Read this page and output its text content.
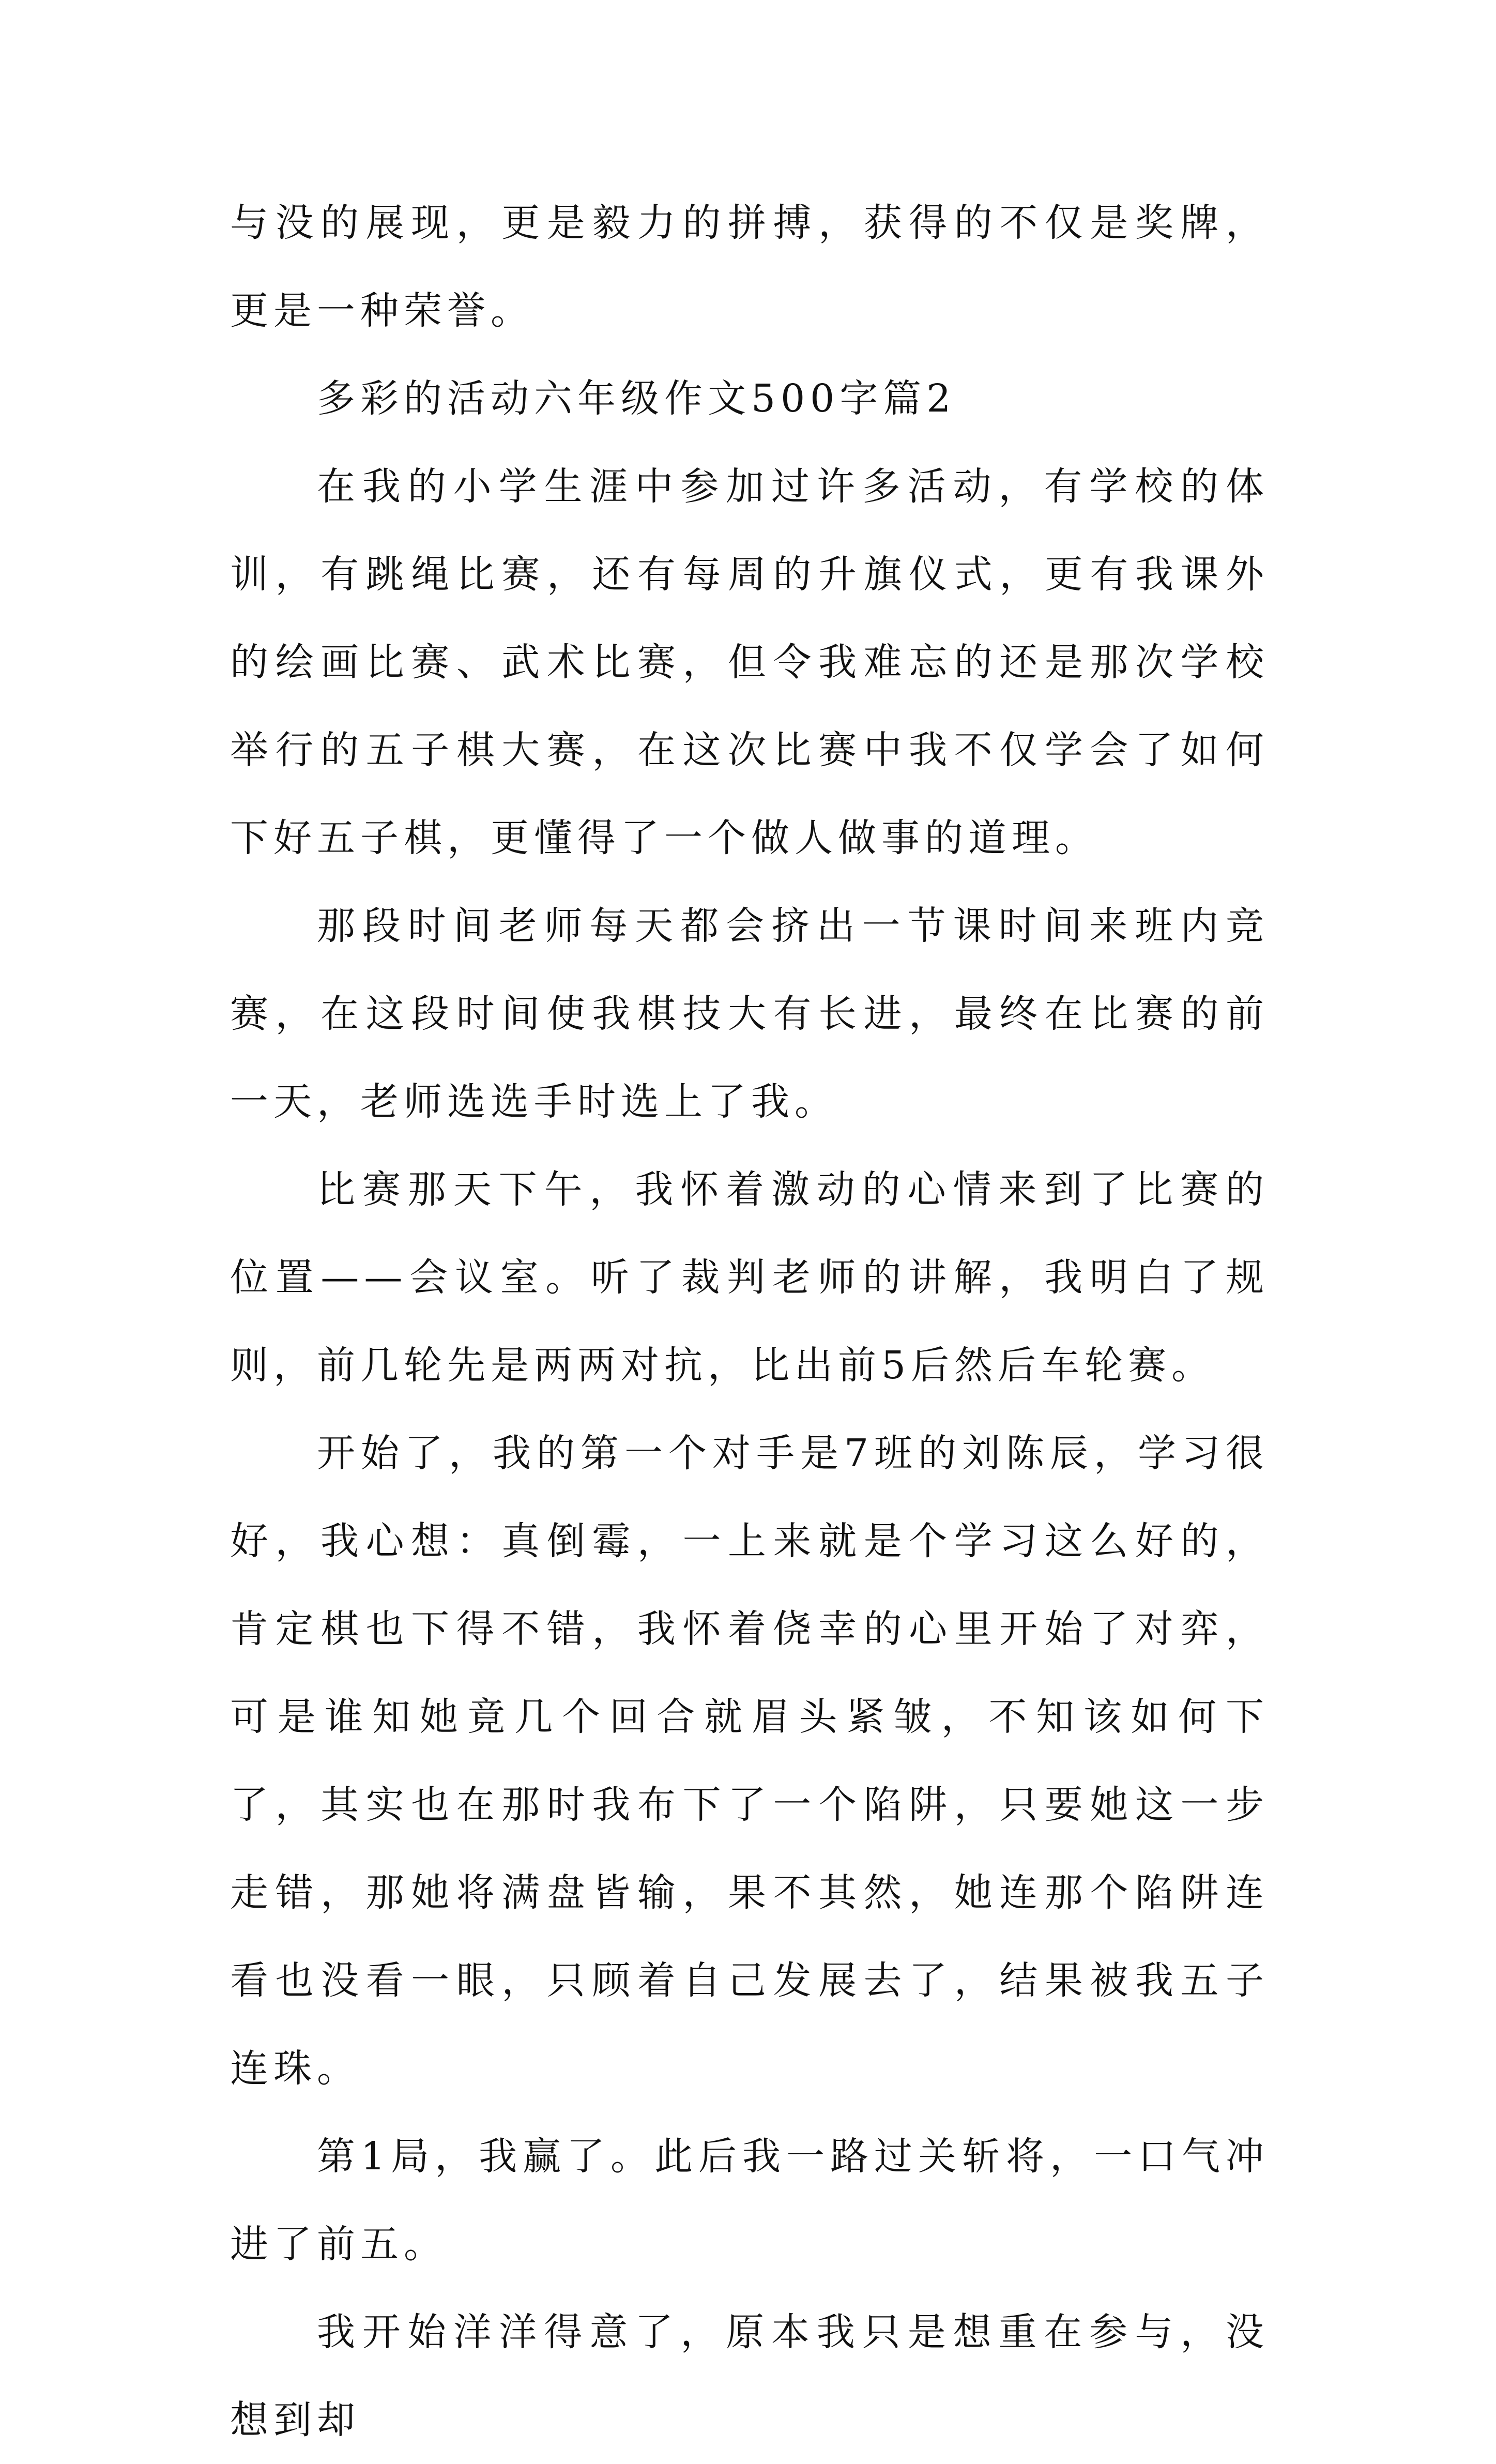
与没的展现，更是毅力的拼搏，获得的不仅是奖牌，更是一种荣誉。

多彩的活动六年级作文500字篇2

在我的小学生涯中参加过许多活动，有学校的体训，有跳绳比赛，还有每周的升旗仪式，更有我课外的绘画比赛、武术比赛，但令我难忘的还是那次学校举行的五子棋大赛，在这次比赛中我不仅学会了如何下好五子棋，更懂得了一个做人做事的道理。

那段时间老师每天都会挤出一节课时间来班内竞赛，在这段时间使我棋技大有长进，最终在比赛的前一天，老师选选手时选上了我。

比赛那天下午，我怀着激动的心情来到了比赛的位置——会议室。听了裁判老师的讲解，我明白了规则，前几轮先是两两对抗，比出前5后然后车轮赛。

开始了，我的第一个对手是7班的刘陈辰，学习很好，我心想：真倒霉，一上来就是个学习这么好的，肯定棋也下得不错，我怀着侥幸的心里开始了对弈，可是谁知她竟几个回合就眉头紧皱，不知该如何下了，其实也在那时我布下了一个陷阱，只要她这一步走错，那她将满盘皆输，果不其然，她连那个陷阱连看也没看一眼，只顾着自己发展去了，结果被我五子连珠。

第1局，我赢了。此后我一路过关斩将，一口气冲进了前五。

我开始洋洋得意了，原本我只是想重在参与，没想到却
